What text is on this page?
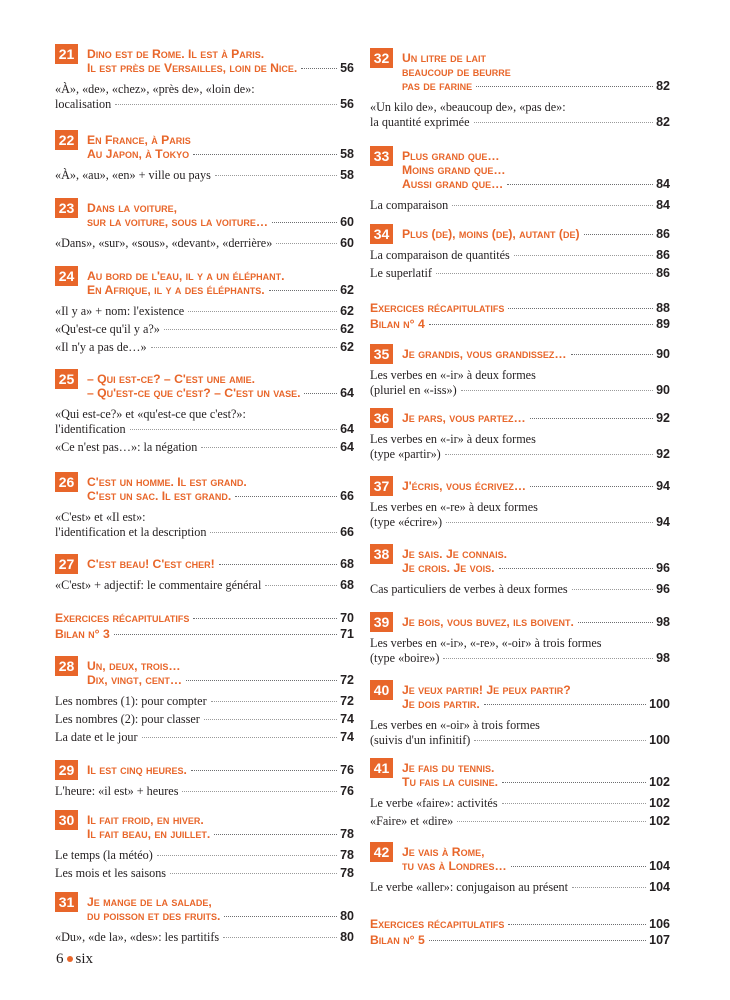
21	Dino est de Rome. Il est à Paris.
Il est près de Versailles, loin de Nice.	56
«À», «de», «chez», «près de», «loin de»:
localisation	56
22	En France, à Paris
Au Japon, à Tokyo	58
«À», «au», «en» + ville ou pays	58
23	Dans la voiture,
sur la voiture, sous la voiture…	60
«Dans», «sur», «sous», «devant», «derrière»	60
24	Au bord de l'eau, il y a un éléphant.
En Afrique, il y a des éléphants.	62
«Il y a» + nom: l'existence	62
«Qu'est-ce qu'il y a?»	62
«Il n'y a pas de…»	62
25	– Qui est-ce? – C'est une amie.
– Qu'est-ce que c'est? – C'est un vase.	64
«Qui est-ce?» et «qu'est-ce que c'est?»:
l'identification	64
«Ce n'est pas…»: la négation	64
26	C'est un homme. Il est grand.
C'est un sac. Il est grand.	66
«C'est» et «Il est»:
l'identification et la description	66
27	C'est beau! C'est cher!	68
«C'est» + adjectif: le commentaire général	68
Exercices récapitulatifs	70
Bilan n° 3	71
28	Un, deux, trois…
Dix, vingt, cent…	72
Les nombres (1): pour compter	72
Les nombres (2): pour classer	74
La date et le jour	74
29	Il est cinq heures.	76
L'heure: «il est» + heures	76
30	Il fait froid, en hiver.
Il fait beau, en juillet.	78
Le temps (la météo)	78
Les mois et les saisons	78
31	Je mange de la salade,
du poisson et des fruits.	80
«Du», «de la», «des»: les partitifs	80
32	Un litre de lait
beaucoup de beurre
pas de farine	82
«Un kilo de», «beaucoup de», «pas de»:
la quantité exprimée	82
33	Plus grand que…
Moins grand que…
Aussi grand que…	84
La comparaison	84
34	Plus (de), moins (de), autant (de)	86
La comparaison de quantités	86
Le superlatif	86
Exercices récapitulatifs	88
Bilan n° 4	89
35	Je grandis, vous grandissez…	90
Les verbes en «-ir» à deux formes
(pluriel en «-iss»)	90
36	Je pars, vous partez…	92
Les verbes en «-ir» à deux formes
(type «partir»)	92
37	J'écris, vous écrivez…	94
Les verbes en «-re» à deux formes
(type «écrire»)	94
38	Je sais. Je connais.
Je crois. Je vois.	96
Cas particuliers de verbes à deux formes	96
39	Je bois, vous buvez, ils boivent.	98
Les verbes en «-ir», «-re», «-oir» à trois formes
(type «boire»)	98
40	Je veux partir! Je peux partir?
Je dois partir.	100
Les verbes en «-oir» à trois formes
(suivis d'un infinitif)	100
41	Je fais du tennis.
Tu fais la cuisine.	102
Le verbe «faire»: activités	102
«Faire» et «dire»	102
42	Je vais à Rome,
tu vas à Londres…	104
Le verbe «aller»: conjugaison au présent	104
Exercices récapitulatifs	106
Bilan n° 5	107
6 six
